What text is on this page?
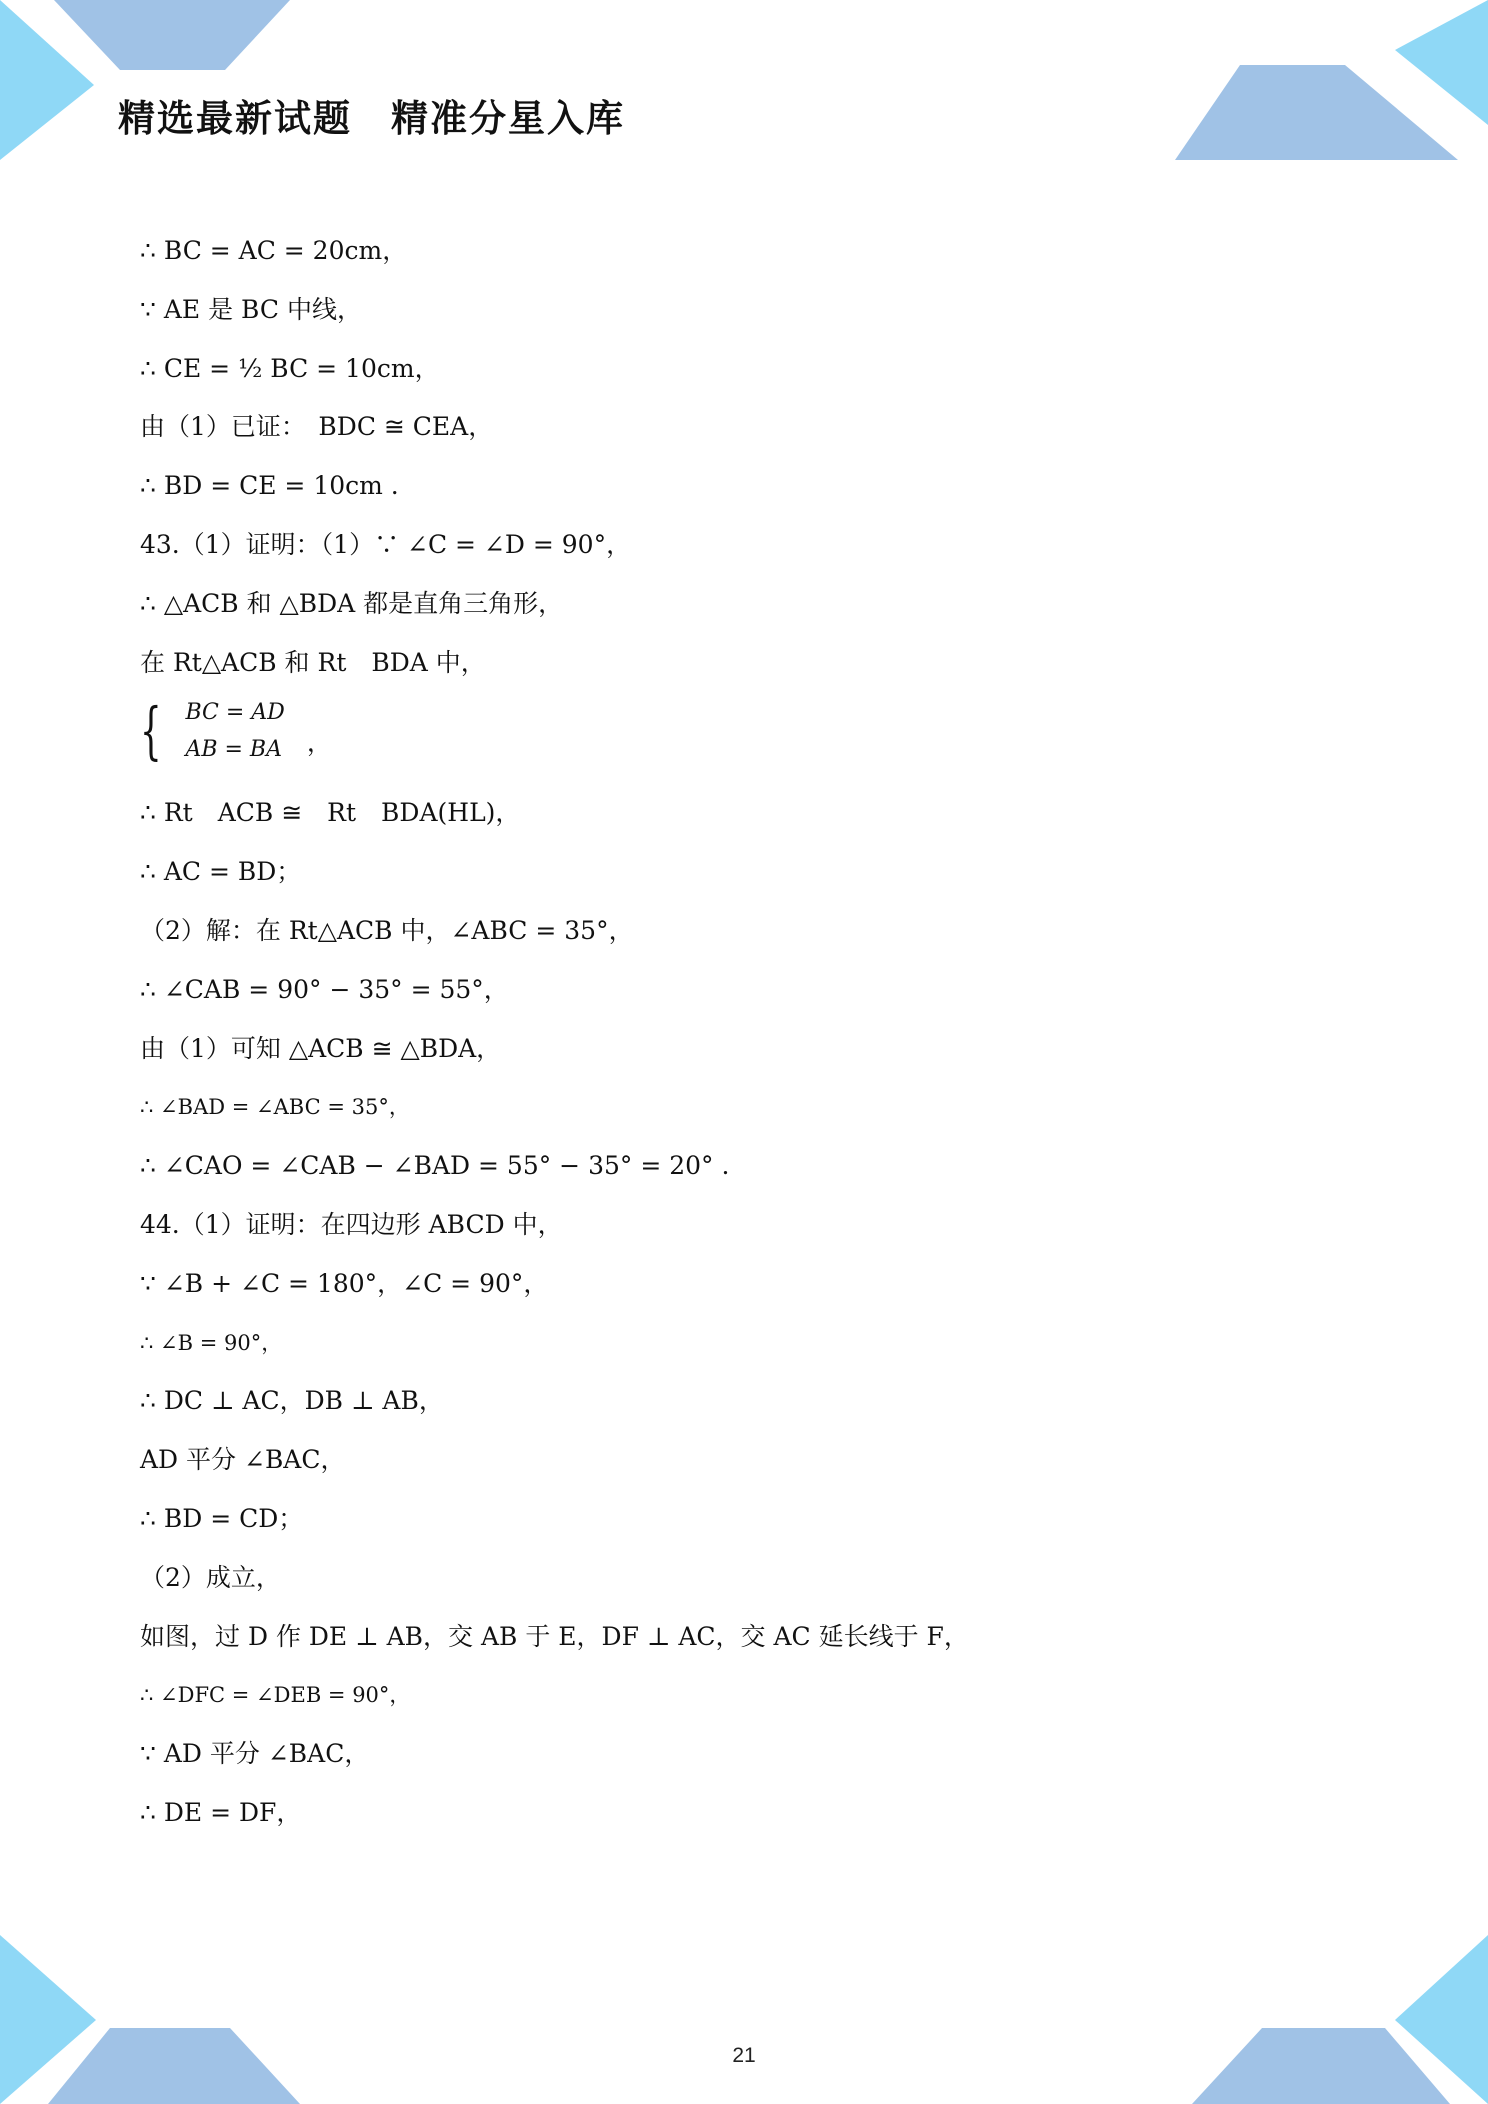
精选最新试题　精准分星入库
∴ BC = AC = 20cm，
∵ AE 是 BC 中线，
∴ CE = ½ BC = 10cm，
由（1）已证：　BDC ≅ CEA，
∴ BD = CE = 10cm .
43.（1）证明：（1）∵ ∠C = ∠D = 90°，
∴ △ACB 和 △BDA 都是直角三角形，
在 Rt△ACB 和 Rt　BDA 中，
{ BC = AD
AB = BA ，
∴ Rt　ACB ≅　Rt　BDA(HL)，
∴ AC = BD；
（2）解：在 Rt△ACB 中，∠ABC = 35°，
∴ ∠CAB = 90° − 35° = 55°，
由（1）可知 △ACB ≅ △BDA，
∴ ∠BAD = ∠ABC = 35°，
∴ ∠CAO = ∠CAB − ∠BAD = 55° − 35° = 20° .
44.（1）证明：在四边形 ABCD 中，
∵ ∠B + ∠C = 180°，∠C = 90°，
∴ ∠B = 90°，
∴ DC ⊥ AC，DB ⊥ AB，
AD 平分 ∠BAC，
∴ BD = CD；
（2）成立，
如图，过 D 作 DE ⊥ AB，交 AB 于 E，DF ⊥ AC，交 AC 延长线于 F，
∴ ∠DFC = ∠DEB = 90°，
∵ AD 平分 ∠BAC，
∴ DE = DF，
21
